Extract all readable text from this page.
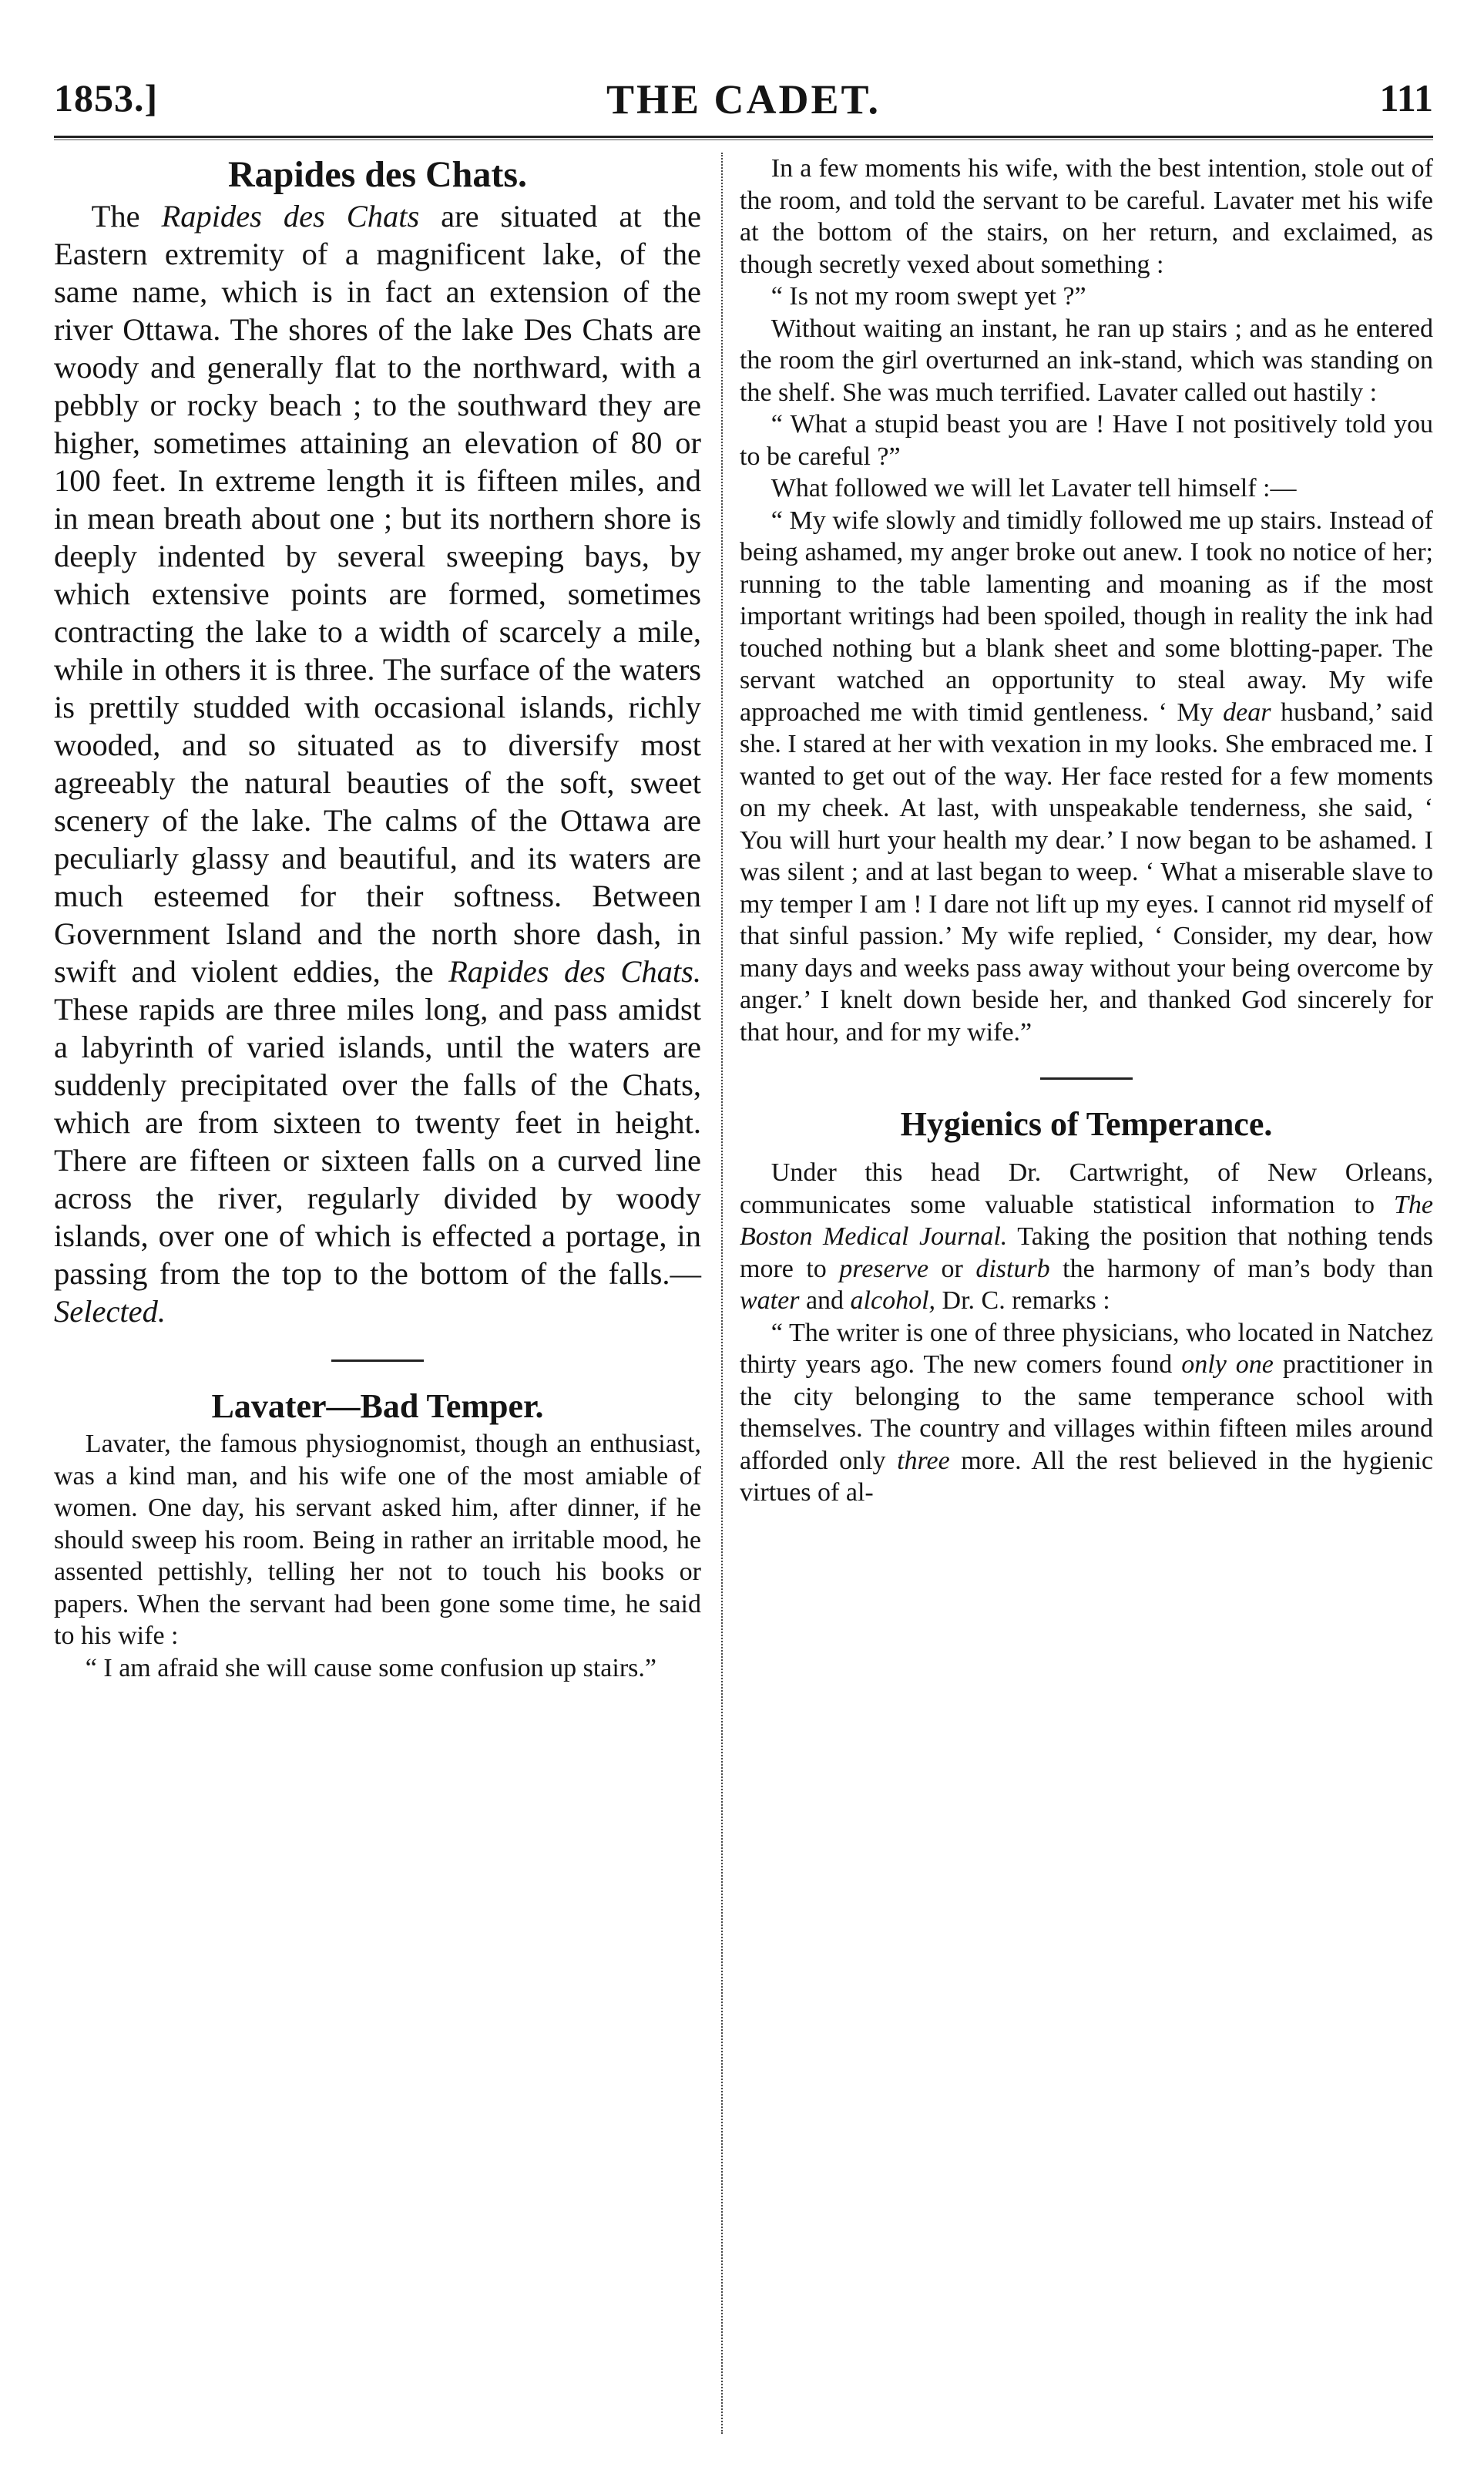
1853.]	THE CADET.	111
Rapides des Chats.

The Rapides des Chats are situated at the Eastern extremity of a magnificent lake, of the same name, which is in fact an extension of the river Ottawa. The shores of the lake Des Chats are woody and generally flat to the northward, with a pebbly or rocky beach ; to the southward they are higher, sometimes attaining an elevation of 80 or 100 feet. In extreme length it is fifteen miles, and in mean breath about one ; but its northern shore is deeply indented by several sweeping bays, by which extensive points are formed, sometimes contracting the lake to a width of scarcely a mile, while in others it is three. The surface of the waters is prettily studded with occasional islands, richly wooded, and so situated as to diversify most agreeably the natural beauties of the soft, sweet scenery of the lake. The calms of the Ottawa are peculiarly glassy and beautiful, and its waters are much esteemed for their softness. Between Government Island and the north shore dash, in swift and violent eddies, the Rapides des Chats. These rapids are three miles long, and pass amidst a labyrinth of varied islands, until the waters are suddenly precipitated over the falls of the Chats, which are from sixteen to twenty feet in height. There are fifteen or sixteen falls on a curved line across the river, regularly divided by woody islands, over one of which is effected a portage, in passing from the top to the bottom of the falls.—Selected.

Lavater—Bad Temper.

Lavater, the famous physiognomist, though an enthusiast, was a kind man, and his wife one of the most amiable of women. One day, his servant asked him, after dinner, if he should sweep his room. Being in rather an irritable mood, he assented pettishly, telling her not to touch his books or papers. When the servant had been gone some time, he said to his wife :

“ I am afraid she will cause some confusion up stairs.”

In a few moments his wife, with the best intention, stole out of the room, and told the servant to be careful. Lavater met his wife at the bottom of the stairs, on her return, and exclaimed, as though secretly vexed about something :

“ Is not my room swept yet ?”

Without waiting an instant, he ran up stairs ; and as he entered the room the girl overturned an ink-stand, which was standing on the shelf. She was much terrified. Lavater called out hastily :

“ What a stupid beast you are ! Have I not positively told you to be careful ?”

What followed we will let Lavater tell himself :—

“ My wife slowly and timidly followed me up stairs. Instead of being ashamed, my anger broke out anew. I took no notice of her; running to the table lamenting and moaning as if the most important writings had been spoiled, though in reality the ink had touched nothing but a blank sheet and some blotting-paper. The servant watched an opportunity to steal away. My wife approached me with timid gentleness. ‘ My dear husband,’ said she. I stared at her with vexation in my looks. She embraced me. I wanted to get out of the way. Her face rested for a few moments on my cheek. At last, with unspeakable tenderness, she said, ‘ You will hurt your health my dear.’ I now began to be ashamed. I was silent ; and at last began to weep. ‘ What a miserable slave to my temper I am ! I dare not lift up my eyes. I cannot rid myself of that sinful passion.’ My wife replied, ‘ Consider, my dear, how many days and weeks pass away without your being overcome by anger.’ I knelt down beside her, and thanked God sincerely for that hour, and for my wife.”

Hygienics of Temperance.

Under this head Dr. Cartwright, of New Orleans, communicates some valuable statistical information to The Boston Medical Journal. Taking the position that nothing tends more to preserve or disturb the harmony of man’s body than water and alcohol, Dr. C. remarks :

“ The writer is one of three physicians, who located in Natchez thirty years ago. The new comers found only one practitioner in the city belonging to the same temperance school with themselves. The country and villages within fifteen miles around afforded only three more. All the rest believed in the hygienic virtues of al-
